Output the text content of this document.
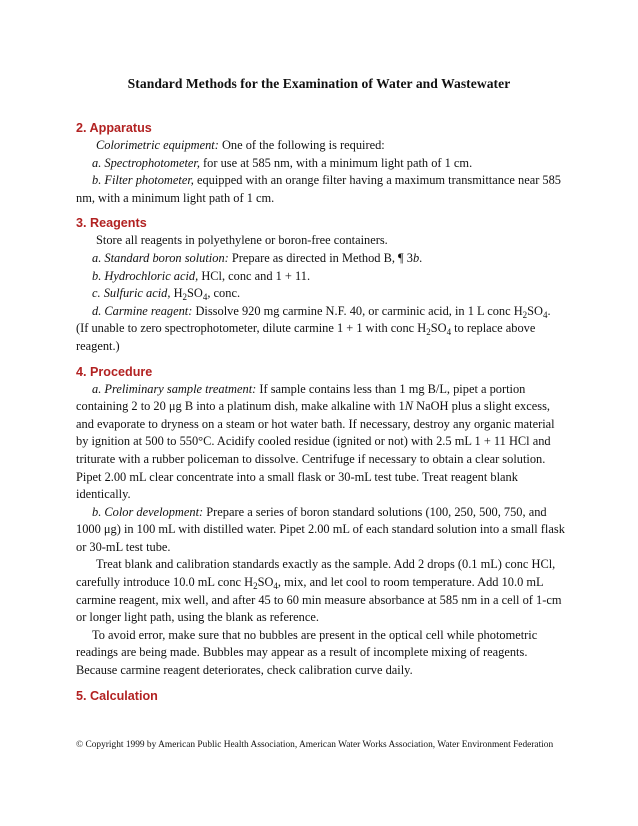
Standard Methods for the Examination of Water and Wastewater
2. Apparatus

Colorimetric equipment: One of the following is required:

a. Spectrophotometer, for use at 585 nm, with a minimum light path of 1 cm.

b. Filter photometer, equipped with an orange filter having a maximum transmittance near 585 nm, with a minimum light path of 1 cm.

3. Reagents

Store all reagents in polyethylene or boron-free containers.

a. Standard boron solution: Prepare as directed in Method B, ¶ 3b.

b. Hydrochloric acid, HCl, conc and 1 + 11.

c. Sulfuric acid, $H_2SO_4$, conc.

d. Carmine reagent: Dissolve 920 mg carmine N.F. 40, or carminic acid, in 1 L conc $H_2SO_4$. (If unable to zero spectrophotometer, dilute carmine 1 + 1 with conc $H_2SO_4$ to replace above reagent.)

4. Procedure

a. Preliminary sample treatment: If sample contains less than 1 mg B/L, pipet a portion containing 2 to 20 μg B into a platinum dish, make alkaline with 1N NaOH plus a slight excess, and evaporate to dryness on a steam or hot water bath. If necessary, destroy any organic material by ignition at 500 to 550°C. Acidify cooled residue (ignited or not) with 2.5 mL 1 + 11 HCl and triturate with a rubber policeman to dissolve. Centrifuge if necessary to obtain a clear solution. Pipet 2.00 mL clear concentrate into a small flask or 30-mL test tube. Treat reagent blank identically.

b. Color development: Prepare a series of boron standard solutions (100, 250, 500, 750, and 1000 μg) in 100 mL with distilled water. Pipet 2.00 mL of each standard solution into a small flask or 30-mL test tube.

Treat blank and calibration standards exactly as the sample. Add 2 drops (0.1 mL) conc HCl, carefully introduce 10.0 mL conc $H_2SO_4$, mix, and let cool to room temperature. Add 10.0 mL carmine reagent, mix well, and after 45 to 60 min measure absorbance at 585 nm in a cell of 1-cm or longer light path, using the blank as reference.

To avoid error, make sure that no bubbles are present in the optical cell while photometric readings are being made. Bubbles may appear as a result of incomplete mixing of reagents. Because carmine reagent deteriorates, check calibration curve daily.

5. Calculation
© Copyright 1999 by American Public Health Association, American Water Works Association, Water Environment Federation
